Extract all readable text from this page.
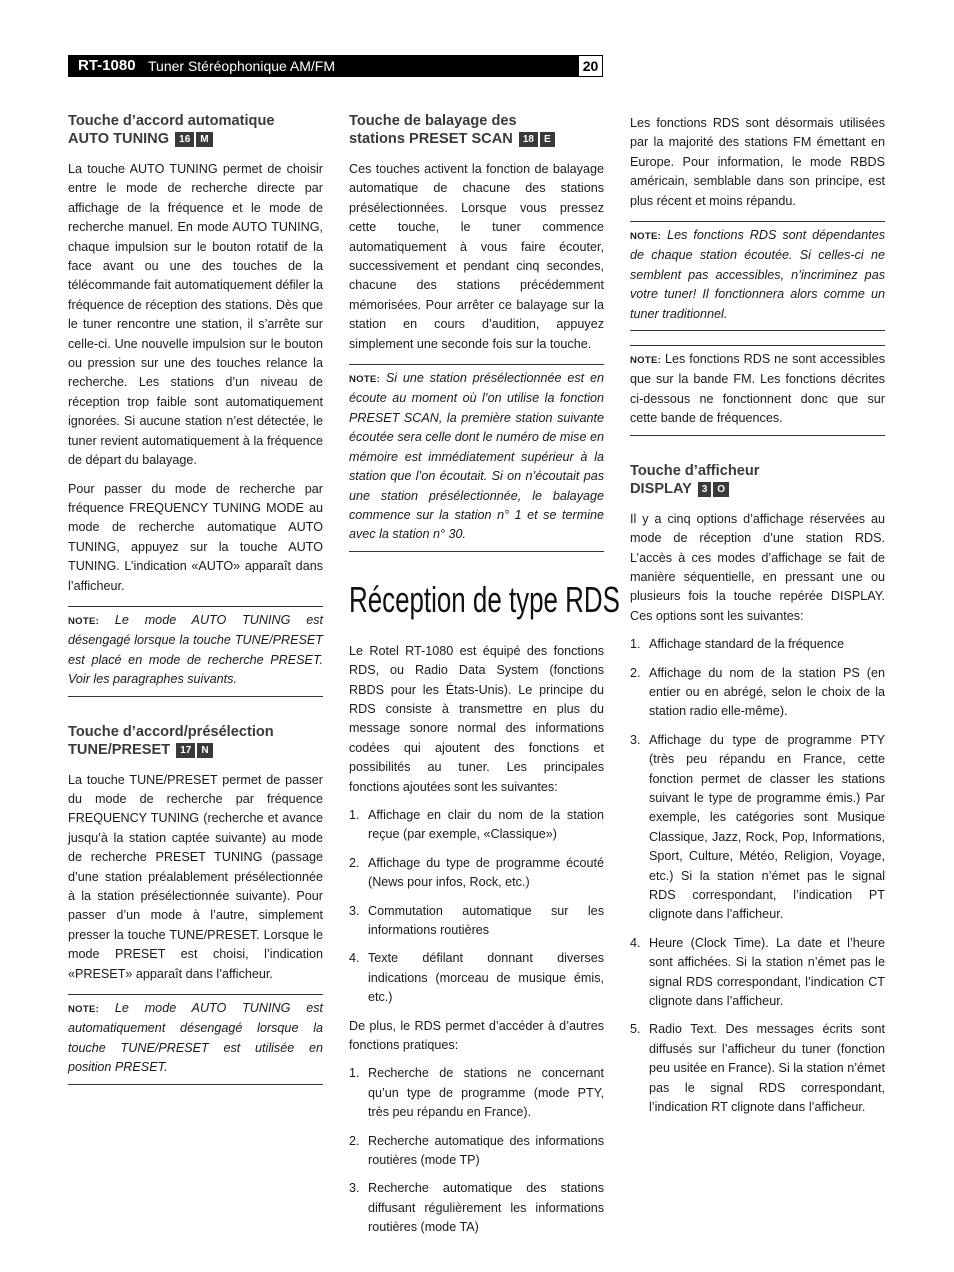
RT-1080 Tuner Stéréophonique AM/FM	20
Touche d’accord automatique
AUTO TUNING 16 M

La touche AUTO TUNING permet de choisir entre le mode de recherche directe par affichage de la fréquence et le mode de recherche manuel. En mode AUTO TUNING, chaque impulsion sur le bouton rotatif de la face avant ou une des touches de la télécommande fait automatiquement défiler la fréquence de réception des stations. Dès que le tuner rencontre une station, il s’arrête sur celle-ci. Une nouvelle impulsion sur le bouton ou pression sur une des touches relance la recherche. Les stations d’un niveau de réception trop faible sont automatiquement ignorées. Si aucune station n’est détectée, le tuner revient automatiquement à la fréquence de départ du balayage.

Pour passer du mode de recherche par fréquence FREQUENCY TUNING MODE au mode de recherche automatique AUTO TUNING, appuyez sur la touche AUTO TUNING. L’indication «AUTO» apparaît dans l’afficheur.

NOTE: Le mode AUTO TUNING est désengagé lorsque la touche TUNE/PRESET est placé en mode de recherche PRESET. Voir les paragraphes suivants.

Touche d’accord/présélection
TUNE/PRESET 17 N

La touche TUNE/PRESET permet de passer du mode de recherche par fréquence FREQUENCY TUNING (recherche et avance jusqu’à la station captée suivante) au mode de recherche PRESET TUNING (passage d’une station préalablement présélectionnée à la station présélectionnée suivante). Pour passer d’un mode à l’autre, simplement presser la touche TUNE/PRESET. Lorsque le mode PRESET est choisi, l’indication «PRESET» apparaît dans l’afficheur.

NOTE: Le mode AUTO TUNING est automatiquement désengagé lorsque la touche TUNE/PRESET est utilisée en position PRESET.

Touche de balayage des
stations PRESET SCAN 18 E

Ces touches activent la fonction de balayage automatique de chacune des stations présélectionnées. Lorsque vous pressez cette touche, le tuner commence automatiquement à vous faire écouter, successivement et pendant cinq secondes, chacune des stations précédemment mémorisées. Pour arrêter ce balayage sur la station en cours d’audition, appuyez simplement une seconde fois sur la touche.

NOTE: Si une station présélectionnée est en écoute au moment où l’on utilise la fonction PRESET SCAN, la première station suivante écoutée sera celle dont le numéro de mise en mémoire est immédiatement supérieur à la station que l’on écoutait. Si on n’écoutait pas une station présélectionnée, le balayage commence sur la station n° 1 et se termine avec la station n° 30.

Réception de type RDS

Le Rotel RT-1080 est équipé des fonctions RDS, ou Radio Data System (fonctions RBDS pour les États-Unis). Le principe du RDS consiste à transmettre en plus du message sonore normal des informations codées qui ajoutent des fonctions et possibilités au tuner. Les principales fonctions ajoutées sont les suivantes:

1. Affichage en clair du nom de la station reçue (par exemple, «Classique»)
2. Affichage du type de programme écouté (News pour infos, Rock, etc.)
3. Commutation automatique sur les informations routières
4. Texte défilant donnant diverses indications (morceau de musique émis, etc.)

De plus, le RDS permet d’accéder à d’autres fonctions pratiques:

1. Recherche de stations ne concernant qu’un type de programme (mode PTY, très peu répandu en France).
2. Recherche automatique des informations routières (mode TP)
3. Recherche automatique des stations diffusant régulièrement les informations routières (mode TA)

Les fonctions RDS sont désormais utilisées par la majorité des stations FM émettant en Europe. Pour information, le mode RBDS américain, semblable dans son principe, est plus récent et moins répandu.

NOTE: Les fonctions RDS sont dépendantes de chaque station écoutée. Si celles-ci ne semblent pas accessibles, n’incriminez pas votre tuner! Il fonctionnera alors comme un tuner traditionnel.

NOTE: Les fonctions RDS ne sont accessibles que sur la bande FM. Les fonctions décrites ci-dessous ne fonctionnent donc que sur cette bande de fréquences.

Touche d’afficheur
DISPLAY 3 O

Il y a cinq options d’affichage réservées au mode de réception d’une station RDS. L’accès à ces modes d’affichage se fait de manière séquentielle, en pressant une ou plusieurs fois la touche repérée DISPLAY. Ces options sont les suivantes:

1. Affichage standard de la fréquence
2. Affichage du nom de la station PS (en entier ou en abrégé, selon le choix de la station radio elle-même).
3. Affichage du type de programme PTY (très peu répandu en France, cette fonction permet de classer les stations suivant le type de programme émis.) Par exemple, les catégories sont Musique Classique, Jazz, Rock, Pop, Informations, Sport, Culture, Météo, Religion, Voyage, etc.) Si la station n’émet pas le signal RDS correspondant, l’indication PT clignote dans l’afficheur.
4. Heure (Clock Time). La date et l’heure sont affichées. Si la station n’émet pas le signal RDS correspondant, l’indication CT clignote dans l’afficheur.
5. Radio Text. Des messages écrits sont diffusés sur l’afficheur du tuner (fonction peu usitée en France). Si la station n’émet pas le signal RDS correspondant, l’indication RT clignote dans l’afficheur.
